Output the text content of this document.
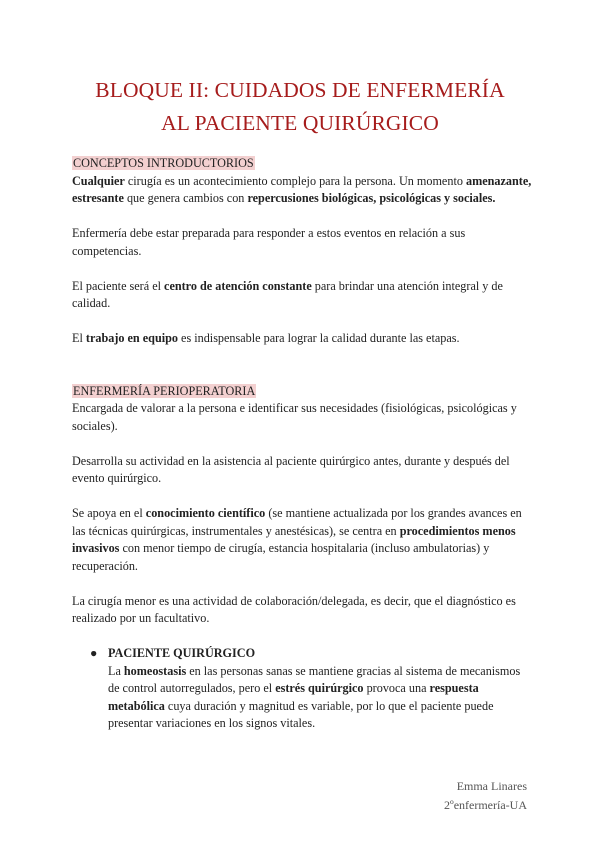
BLOQUE II: CUIDADOS DE ENFERMERÍA
AL PACIENTE QUIRÚRGICO

CONCEPTOS INTRODUCTORIOS

Cualquier cirugía es un acontecimiento complejo para la persona. Un momento amenazante, estresante que genera cambios con repercusiones biológicas, psicológicas y sociales.

Enfermería debe estar preparada para responder a estos eventos en relación a sus competencias.

El paciente será el centro de atención constante para brindar una atención integral y de calidad.

El trabajo en equipo es indispensable para lograr la calidad durante las etapas.

ENFERMERÍA PERIOPERATORIA

Encargada de valorar a la persona e identificar sus necesidades (fisiológicas, psicológicas y sociales).

Desarrolla su actividad en la asistencia al paciente quirúrgico antes, durante y después del evento quirúrgico.

Se apoya en el conocimiento científico (se mantiene actualizada por los grandes avances en las técnicas quirúrgicas, instrumentales y anestésicas), se centra en procedimientos menos invasivos con menor tiempo de cirugía, estancia hospitalaria (incluso ambulatorias) y recuperación.

La cirugía menor es una actividad de colaboración/delegada, es decir, que el diagnóstico es realizado por un facultativo.

● PACIENTE QUIRÚRGICO

La homeostasis en las personas sanas se mantiene gracias al sistema de mecanismos de control autorregulados, pero el estrés quirúrgico provoca una respuesta metabólica cuya duración y magnitud es variable, por lo que el paciente puede presentar variaciones en los signos vitales.

Emma Linares
2ºenfermería-UA
